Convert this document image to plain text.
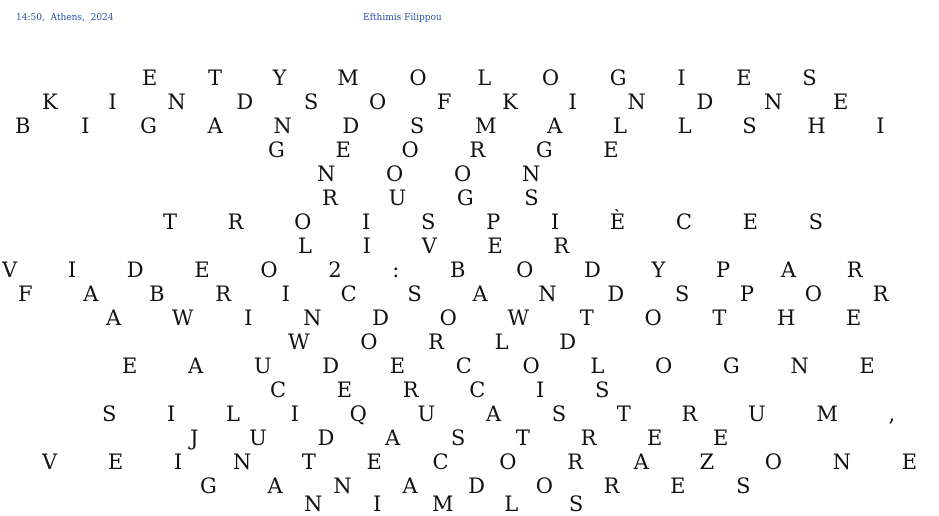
14:50,  Athens,  2024	Efthimis Filippou
E T Y M O L O G I E S
K I N D S O F K I N D N E
B I G A N D S M A L L S H I
G E O R G E
N O O N
R U G S
T R O I S P I È C E S
L I V E R
V I D E O 2 : B O D Y P A R
F A B R I C S A N D S P O R
A W I N D O W T O T H E
W O R L D
E A U D E C O L O G N E
C E R C I S
S I L I Q U A S T R U M ,
J U D A S T R E E
V E I N T E C O R A Z O N E
G A N A D O R E S
N I M L S
